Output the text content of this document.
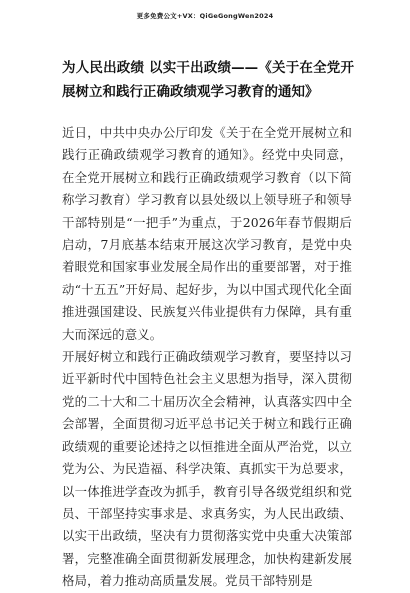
更多免费公文+VX：QiGeGongWen2024
为人民出政绩 以实干出政绩——《关于在全党开展树立和践行正确政绩观学习教育的通知》

近日，中共中央办公厅印发《关于在全党开展树立和践行正确政绩观学习教育的通知》。经党中央同意，在全党开展树立和践行正确政绩观学习教育（以下简称学习教育）学习教育以县处级以上领导班子和领导干部特别是“一把手”为重点，于2026年春节假期后启动，7月底基本结束开展这次学习教育，是党中央着眼党和国家事业发展全局作出的重要部署，对于推动“十五五”开好局、起好步，为以中国式现代化全面推进强国建设、民族复兴伟业提供有力保障，具有重大而深远的意义。

开展好树立和践行正确政绩观学习教育，要坚持以习近平新时代中国特色社会主义思想为指导，深入贯彻党的二十大和二十届历次全会精神，认真落实四中全会部署，全面贯彻习近平总书记关于树立和践行正确政绩观的重要论述持之以恒推进全面从严治党，以立党为公、为民造福、科学决策、真抓实干为总要求，以一体推进学查改为抓手，教育引导各级党组织和党员、干部坚持实事求是、求真务实，为人民出政绩、以实干出政绩，坚决有力贯彻落实党中央重大决策部署，完整准确全面贯彻新发展理念，加快构建新发展格局，着力推动高质量发展。党员干部特别是
